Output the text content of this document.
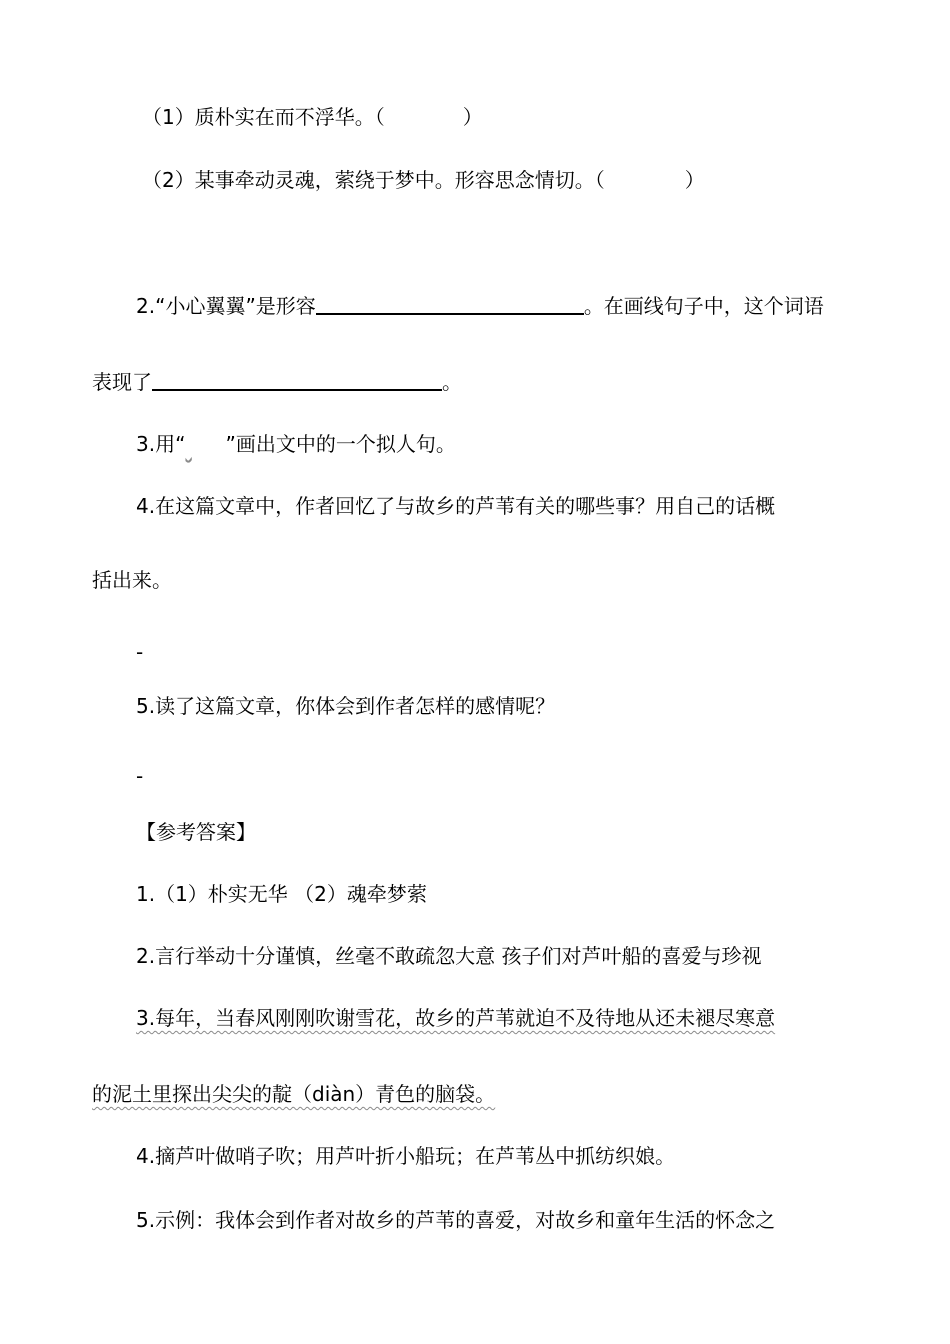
（1）质朴实在而不浮华。（	）
（2）某事牵动灵魂，萦绕于梦中。形容思念情切。（	）
2.“小心翼翼”是形容	。在画线句子中，这个词语
表现了	。
3.用“ ”画出文中的一个拟人句。
4.在这篇文章中，作者回忆了与故乡的芦苇有关的哪些事？用自己的话概
括出来。
-
5.读了这篇文章，你体会到作者怎样的感情呢？
-
【参考答案】
1.（1）朴实无华 （2）魂牵梦萦
2.言行举动十分谨慎，丝毫不敢疏忽大意 孩子们对芦叶船的喜爱与珍视
3.每年，当春风刚刚吹谢雪花，故乡的芦苇就迫不及待地从还未褪尽寒意
的泥土里探出尖尖的靛（diàn）青色的脑袋。
4.摘芦叶做哨子吹；用芦叶折小船玩；在芦苇丛中抓纺织娘。
5.示例：我体会到作者对故乡的芦苇的喜爱，对故乡和童年生活的怀念之
